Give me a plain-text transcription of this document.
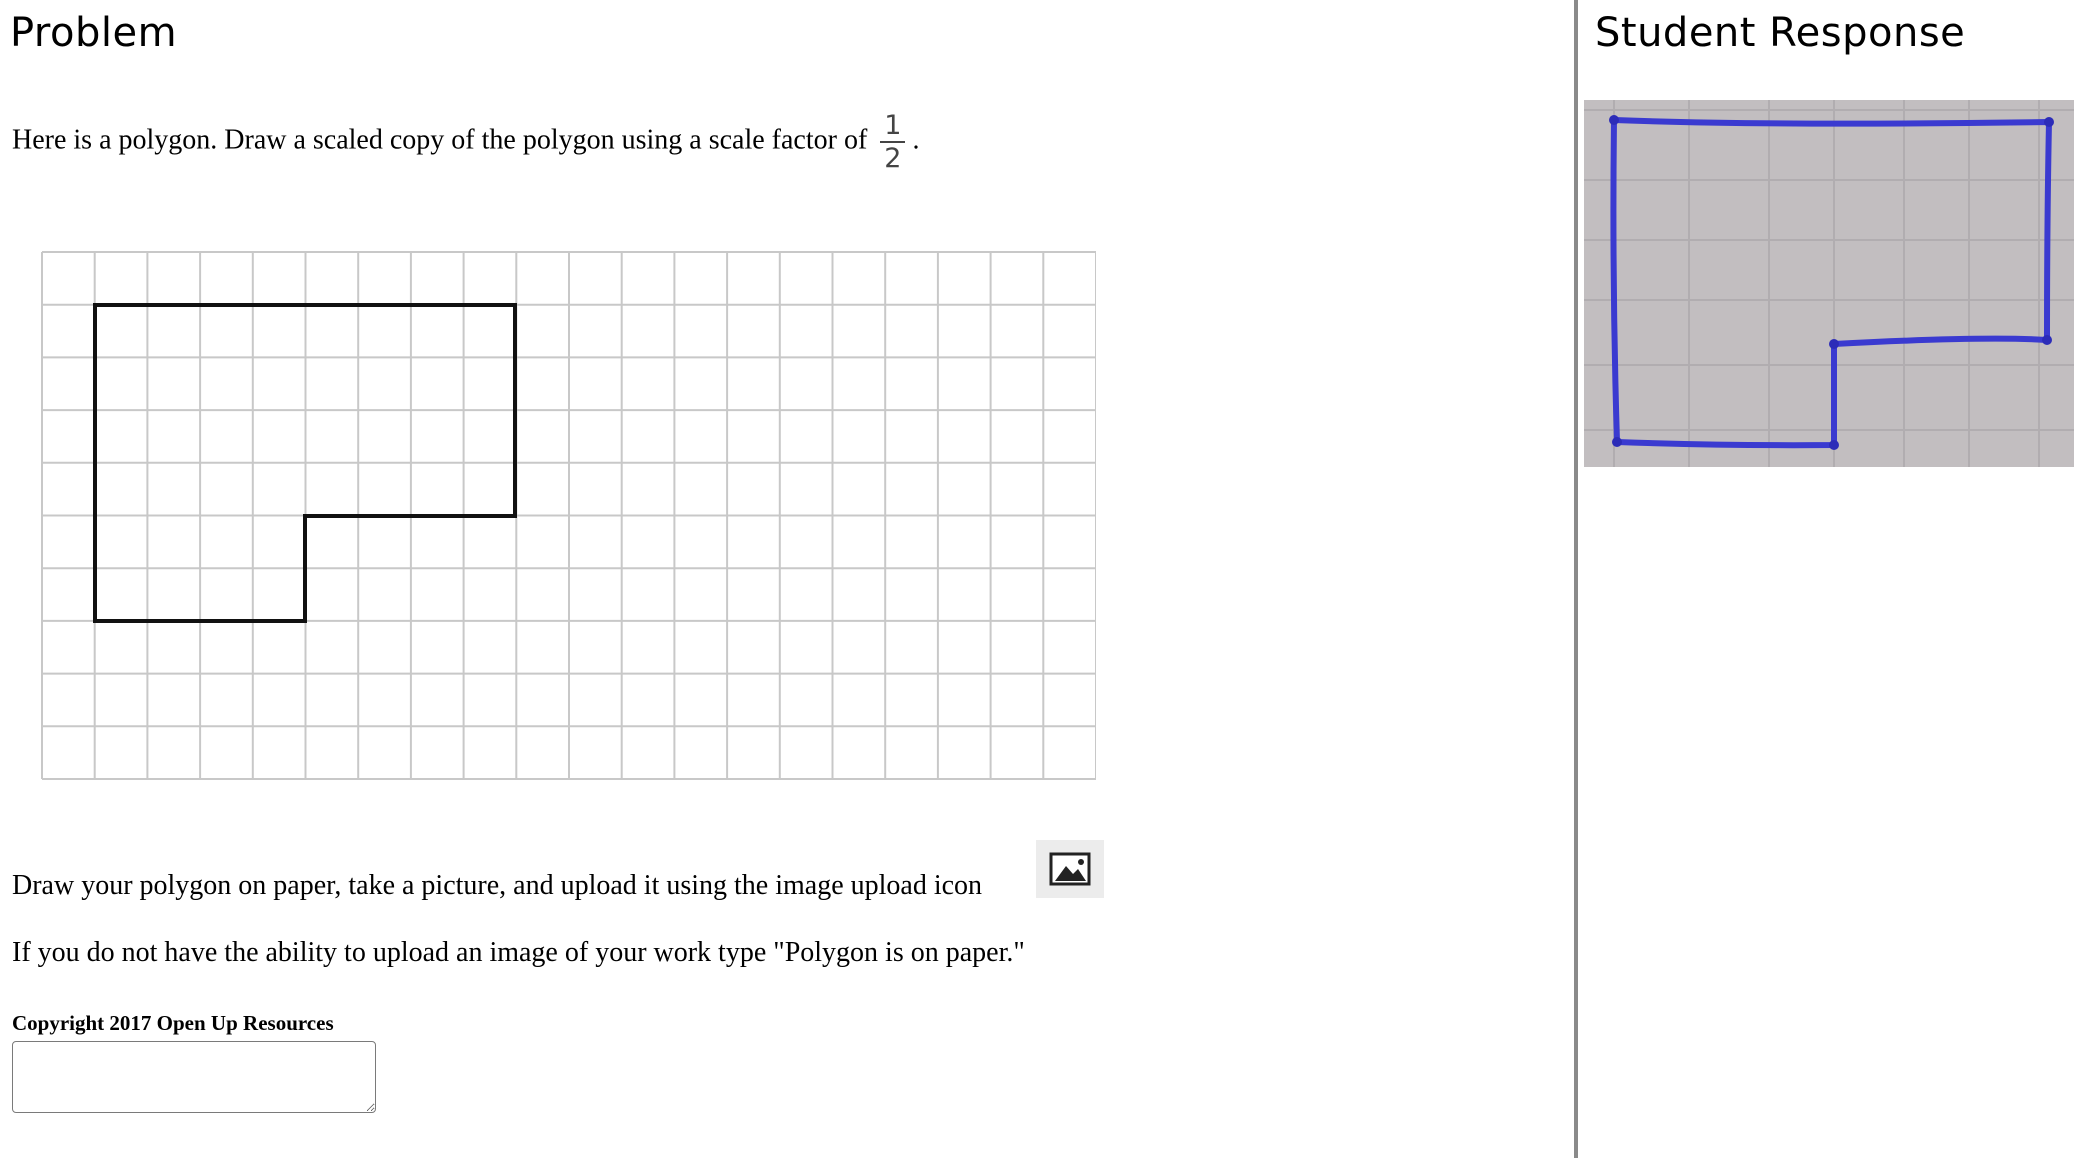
Problem
Here is a polygon. Draw a scaled copy of the polygon using a scale factor of $\frac{1}{2}$ .
Draw your polygon on paper, take a picture, and upload it using the image upload icon
If you do not have the ability to upload an image of your work type "Polygon is on paper."
Copyright 2017 Open Up Resources
Student Response
